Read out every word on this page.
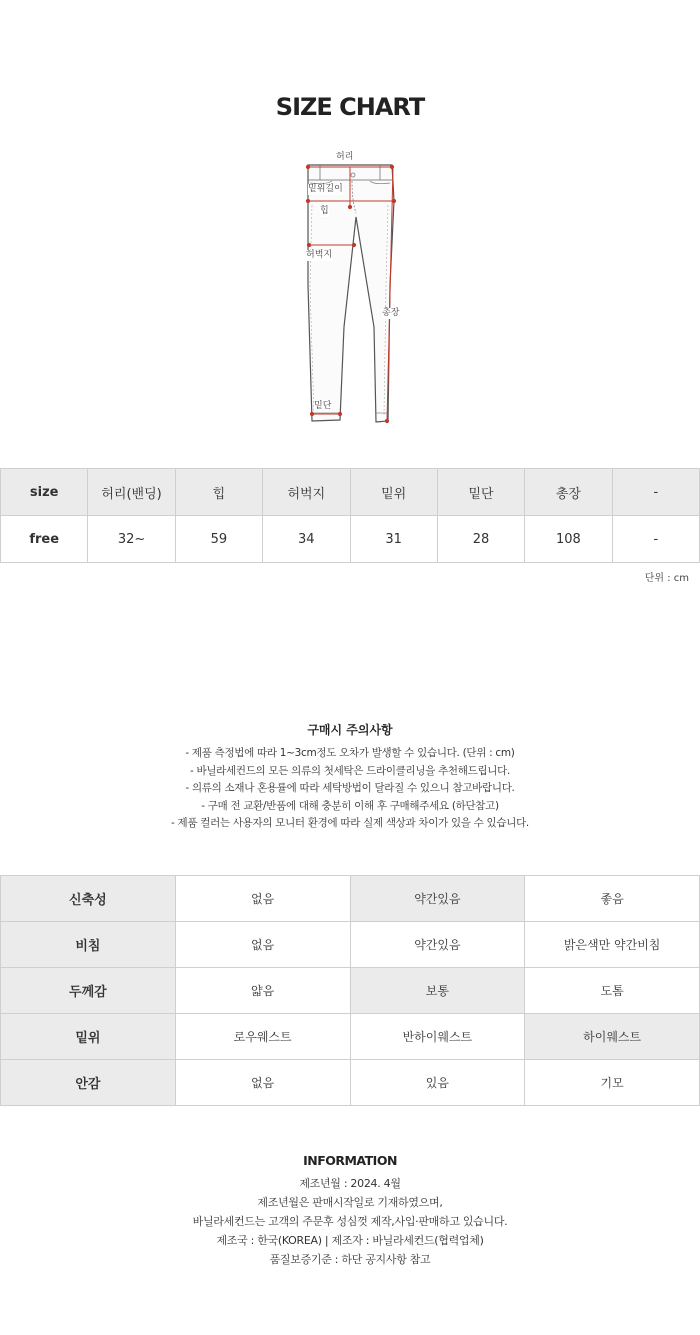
SIZE CHART
허리
밑위길이
힙
허벅지
총장
밑단
size	허리(밴딩)	힙	허벅지	밑위	밑단	총장	-
free	32~	59	34	31	28	108	-
단위 : cm
구매시 주의사항
- 제품 측정법에 따라 1~3cm정도 오차가 발생할 수 있습니다. (단위 : cm)
- 바닐라세컨드의 모든 의류의 첫세탁은 드라이클리닝을 추천해드립니다.
- 의류의 소재나 혼용률에 따라 세탁방법이 달라질 수 있으니 참고바랍니다.
- 구매 전 교환/반품에 대해 충분히 이해 후 구매해주세요 (하단참고)
- 제품 컬러는 사용자의 모니터 환경에 따라 실제 색상과 차이가 있을 수 있습니다.
신축성	없음	약간있음	좋음
비침	없음	약간있음	밝은색만 약간비침
두께감	얇음	보통	도톰
밑위	로우웨스트	반하이웨스트	하이웨스트
안감	없음	있음	기모
INFORMATION
제조년월 : 2024. 4월
제조년월은 판매시작일로 기재하였으며,
바닐라세컨드는 고객의 주문후 성심껏 제작,사입·판매하고 있습니다.
제조국 : 한국(KOREA) | 제조자 : 바닐라세컨드(협력업체)
품질보증기준 : 하단 공지사항 참고
